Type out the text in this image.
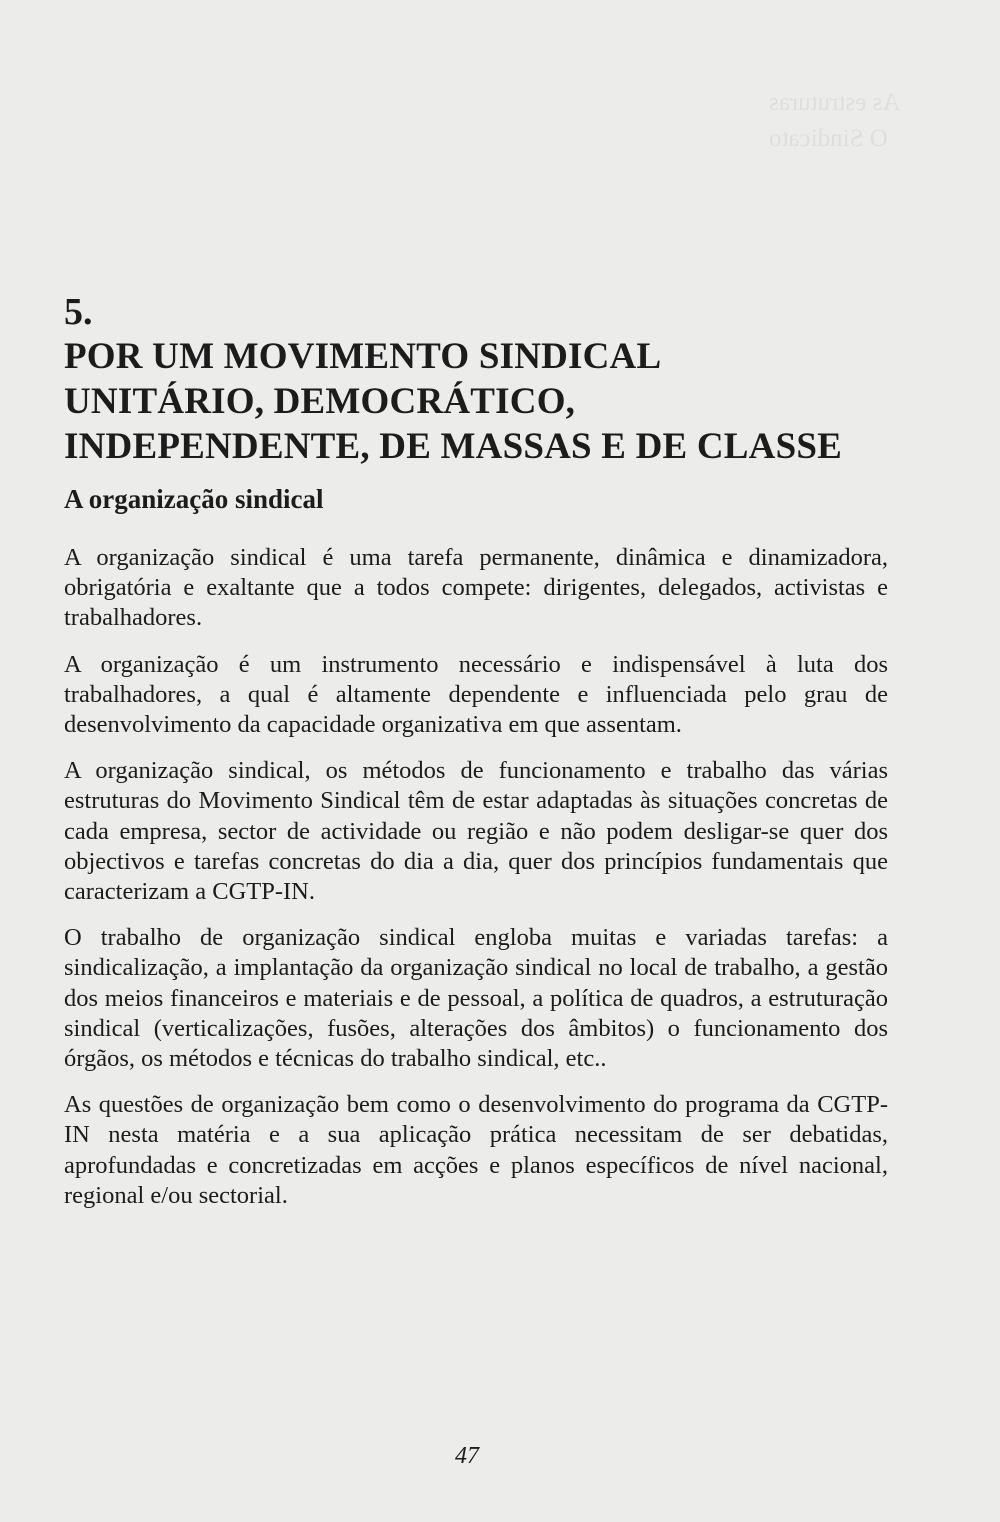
As estruturas
O Sindicato
5.
POR UM MOVIMENTO SINDICAL
UNITÁRIO, DEMOCRÁTICO,
INDEPENDENTE, DE MASSAS E DE CLASSE
A organização sindical

A organização sindical é uma tarefa permanente, dinâmica e dinamizadora, obrigatória e exaltante que a todos compete: dirigentes, delegados, activistas e trabalhadores.

A organização é um instrumento necessário e indispensável à luta dos trabalhadores, a qual é altamente dependente e influenciada pelo grau de desenvolvimento da capacidade organizativa em que assentam.

A organização sindical, os métodos de funcionamento e trabalho das várias estruturas do Movimento Sindical têm de estar adaptadas às situações concretas de cada empresa, sector de actividade ou região e não podem desligar-se quer dos objectivos e tarefas concretas do dia a dia, quer dos princípios fundamentais que caracterizam a CGTP-IN.

O trabalho de organização sindical engloba muitas e variadas tarefas: a sindicalização, a implantação da organização sindical no local de trabalho, a gestão dos meios financeiros e materiais e de pessoal, a política de quadros, a estruturação sindical (verticalizações, fusões, alterações dos âmbitos) o funcionamento dos órgãos, os métodos e técnicas do trabalho sindical, etc..

As questões de organização bem como o desenvolvimento do programa da CGTP-IN nesta matéria e a sua aplicação prática necessitam de ser debatidas, aprofundadas e concretizadas em acções e planos específicos de nível nacional, regional e/ou sectorial.

47
